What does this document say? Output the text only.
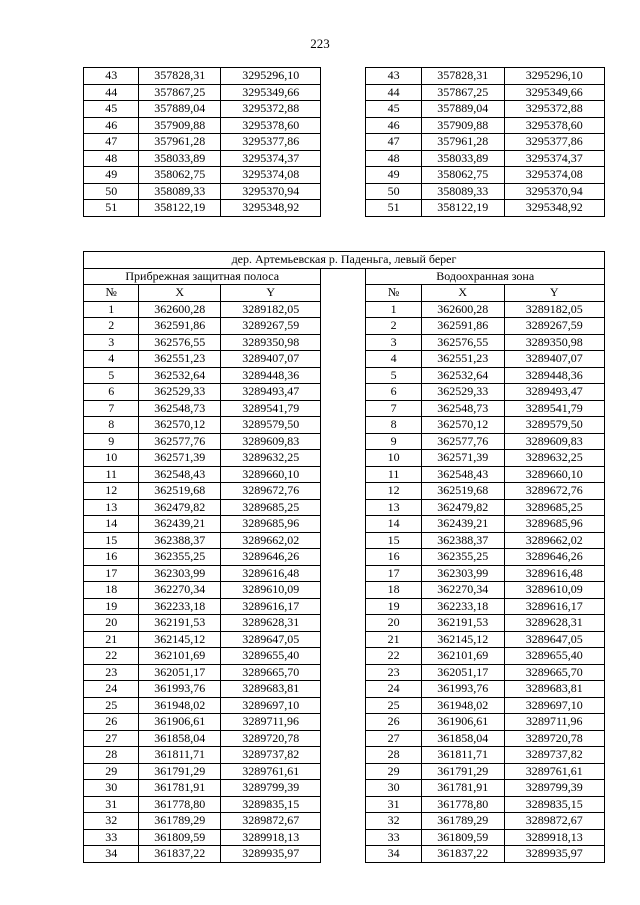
223
43	357828,31	3295296,10		43	357828,31	3295296,10
44	357867,25	3295349,66		44	357867,25	3295349,66
45	357889,04	3295372,88		45	357889,04	3295372,88
46	357909,88	3295378,60		46	357909,88	3295378,60
47	357961,28	3295377,86		47	357961,28	3295377,86
48	358033,89	3295374,37		48	358033,89	3295374,37
49	358062,75	3295374,08		49	358062,75	3295374,08
50	358089,33	3295370,94		50	358089,33	3295370,94
51	358122,19	3295348,92		51	358122,19	3295348,92
дер. Артемьевская р. Паденьга, левый берег						
Прибрежная защитная полоса				Водоохранная зона		
№	X	Y		№	X	Y
1	362600,28	3289182,05		1	362600,28	3289182,05
2	362591,86	3289267,59		2	362591,86	3289267,59
3	362576,55	3289350,98		3	362576,55	3289350,98
4	362551,23	3289407,07		4	362551,23	3289407,07
5	362532,64	3289448,36		5	362532,64	3289448,36
6	362529,33	3289493,47		6	362529,33	3289493,47
7	362548,73	3289541,79		7	362548,73	3289541,79
8	362570,12	3289579,50		8	362570,12	3289579,50
9	362577,76	3289609,83		9	362577,76	3289609,83
10	362571,39	3289632,25		10	362571,39	3289632,25
11	362548,43	3289660,10		11	362548,43	3289660,10
12	362519,68	3289672,76		12	362519,68	3289672,76
13	362479,82	3289685,25		13	362479,82	3289685,25
14	362439,21	3289685,96		14	362439,21	3289685,96
15	362388,37	3289662,02		15	362388,37	3289662,02
16	362355,25	3289646,26		16	362355,25	3289646,26
17	362303,99	3289616,48		17	362303,99	3289616,48
18	362270,34	3289610,09		18	362270,34	3289610,09
19	362233,18	3289616,17		19	362233,18	3289616,17
20	362191,53	3289628,31		20	362191,53	3289628,31
21	362145,12	3289647,05		21	362145,12	3289647,05
22	362101,69	3289655,40		22	362101,69	3289655,40
23	362051,17	3289665,70		23	362051,17	3289665,70
24	361993,76	3289683,81		24	361993,76	3289683,81
25	361948,02	3289697,10		25	361948,02	3289697,10
26	361906,61	3289711,96		26	361906,61	3289711,96
27	361858,04	3289720,78		27	361858,04	3289720,78
28	361811,71	3289737,82		28	361811,71	3289737,82
29	361791,29	3289761,61		29	361791,29	3289761,61
30	361781,91	3289799,39		30	361781,91	3289799,39
31	361778,80	3289835,15		31	361778,80	3289835,15
32	361789,29	3289872,67		32	361789,29	3289872,67
33	361809,59	3289918,13		33	361809,59	3289918,13
34	361837,22	3289935,97		34	361837,22	3289935,97
